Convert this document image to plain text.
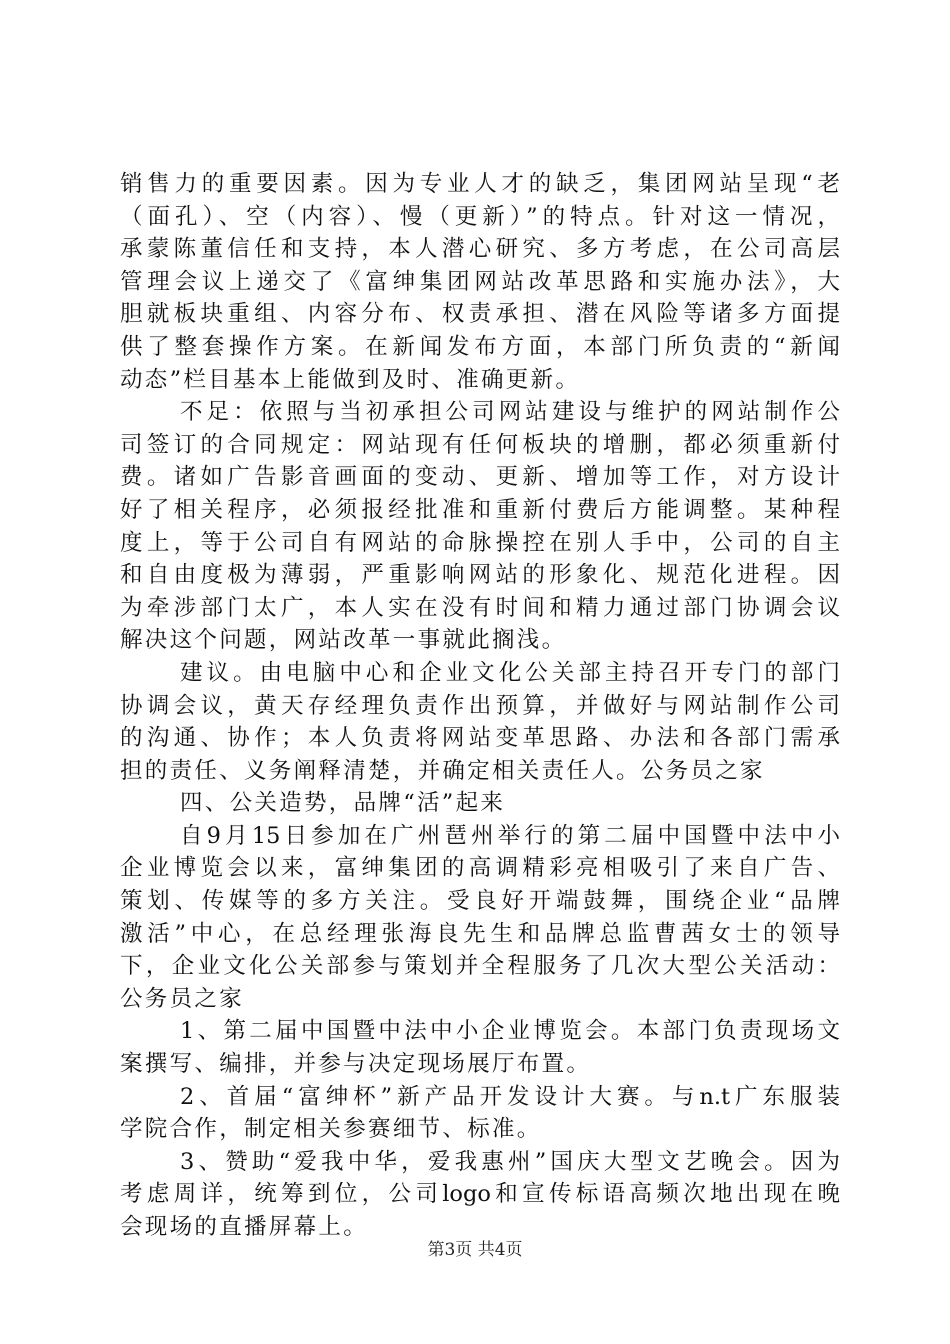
销售力的重要因素。因为专业人才的缺乏，集团网站呈现“老
（面孔）、空（内容）、慢（更新）”的特点。针对这一情况，
承蒙陈董信任和支持，本人潜心研究、多方考虑，在公司高层
管理会议上递交了《富绅集团网站改革思路和实施办法》，大
胆就板块重组、内容分布、权责承担、潜在风险等诸多方面提
供了整套操作方案。在新闻发布方面，本部门所负责的“新闻
动态”栏目基本上能做到及时、准确更新。
不足：依照与当初承担公司网站建设与维护的网站制作公
司签订的合同规定：网站现有任何板块的增删，都必须重新付
费。诸如广告影音画面的变动、更新、增加等工作，对方设计
好了相关程序，必须报经批准和重新付费后方能调整。某种程
度上，等于公司自有网站的命脉操控在别人手中，公司的自主
和自由度极为薄弱，严重影响网站的形象化、规范化进程。因
为牵涉部门太广，本人实在没有时间和精力通过部门协调会议
解决这个问题，网站改革一事就此搁浅。
建议。由电脑中心和企业文化公关部主持召开专门的部门
协调会议，黄天存经理负责作出预算，并做好与网站制作公司
的沟通、协作；本人负责将网站变革思路、办法和各部门需承
担的责任、义务阐释清楚，并确定相关责任人。公务员之家
四、公关造势，品牌“活”起来
自9月15日参加在广州琶州举行的第二届中国暨中法中小
企业博览会以来，富绅集团的高调精彩亮相吸引了来自广告、
策划、传媒等的多方关注。受良好开端鼓舞，围绕企业“品牌
激活”中心，在总经理张海良先生和品牌总监曹茜女士的领导
下，企业文化公关部参与策划并全程服务了几次大型公关活动：
公务员之家
1、第二届中国暨中法中小企业博览会。本部门负责现场文
案撰写、编排，并参与决定现场展厅布置。
2、首届“富绅杯”新产品开发设计大赛。与n.t广东服装
学院合作，制定相关参赛细节、标准。
3、赞助“爱我中华，爱我惠州”国庆大型文艺晚会。因为
考虑周详，统筹到位，公司logo和宣传标语高频次地出现在晚
会现场的直播屏幕上。
第3页 共4页
